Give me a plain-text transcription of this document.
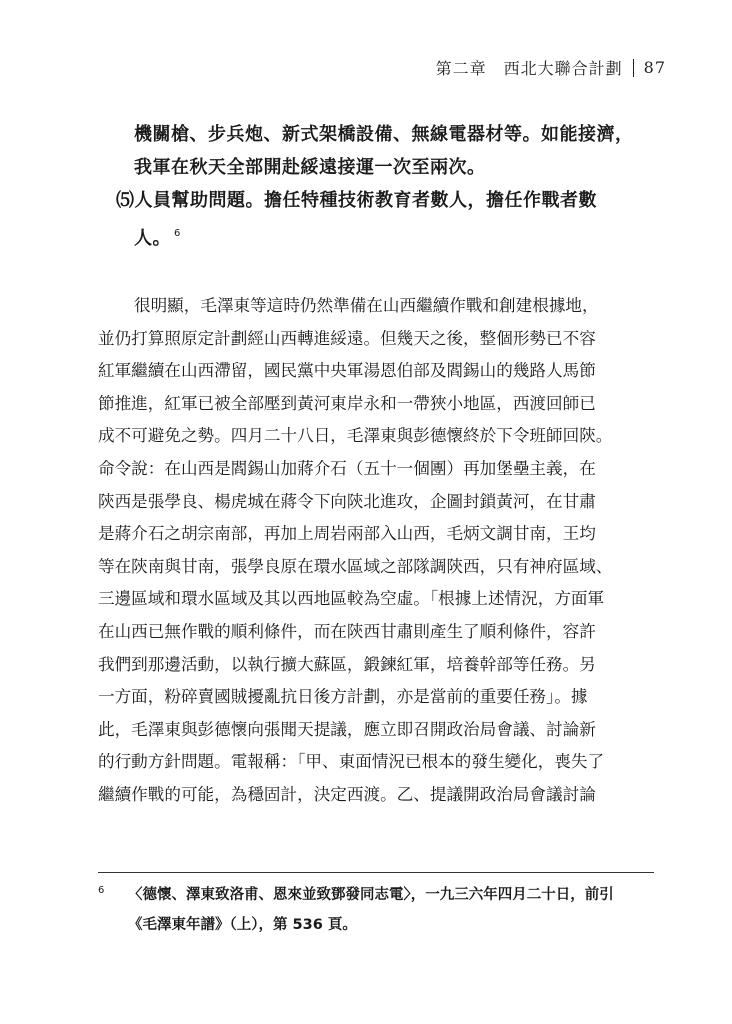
第二章　西北大聯合計劃 87
機關槍、步兵炮、新式架橋設備、無線電器材等。如能接濟，
我軍在秋天全部開赴綏遠接運一次至兩次。
⑸人員幫助問題。擔任特種技術教育者數人，擔任作戰者數
人。 $^6$
很明顯，毛澤東等這時仍然準備在山西繼續作戰和創建根據地，
並仍打算照原定計劃經山西轉進綏遠。但幾天之後，整個形勢已不容
紅軍繼續在山西滯留，國民黨中央軍湯恩伯部及閻錫山的幾路人馬節
節推進，紅軍已被全部壓到黃河東岸永和一帶狹小地區，西渡回師已
成不可避免之勢。四月二十八日，毛澤東與彭德懷終於下令班師回陝。
命令說：在山西是閻錫山加蔣介石（五十一個團）再加堡壘主義，在
陝西是張學良、楊虎城在蔣令下向陝北進攻，企圖封鎖黃河，在甘肅
是蔣介石之胡宗南部，再加上周岩兩部入山西，毛炳文調甘南，王均
等在陝南與甘南，張學良原在環水區域之部隊調陝西，只有神府區域、
三邊區域和環水區域及其以西地區較為空虛。「根據上述情況，方面軍
在山西已無作戰的順利條件，而在陝西甘肅則產生了順利條件，容許
我們到那邊活動，以執行擴大蘇區，鍛鍊紅軍，培養幹部等任務。另
一方面，粉碎賣國賊擾亂抗日後方計劃，亦是當前的重要任務」。據
此，毛澤東與彭德懷向張聞天提議，應立即召開政治局會議、討論新
的行動方針問題。電報稱：「甲、東面情況已根本的發生變化，喪失了
繼續作戰的可能，為穩固計，決定西渡。乙、提議開政治局會議討論
6	〈德懷、澤東致洛甫、恩來並致鄧發同志電〉，一九三六年四月二十日，前引
《毛澤東年譜》（上），第 536 頁。
